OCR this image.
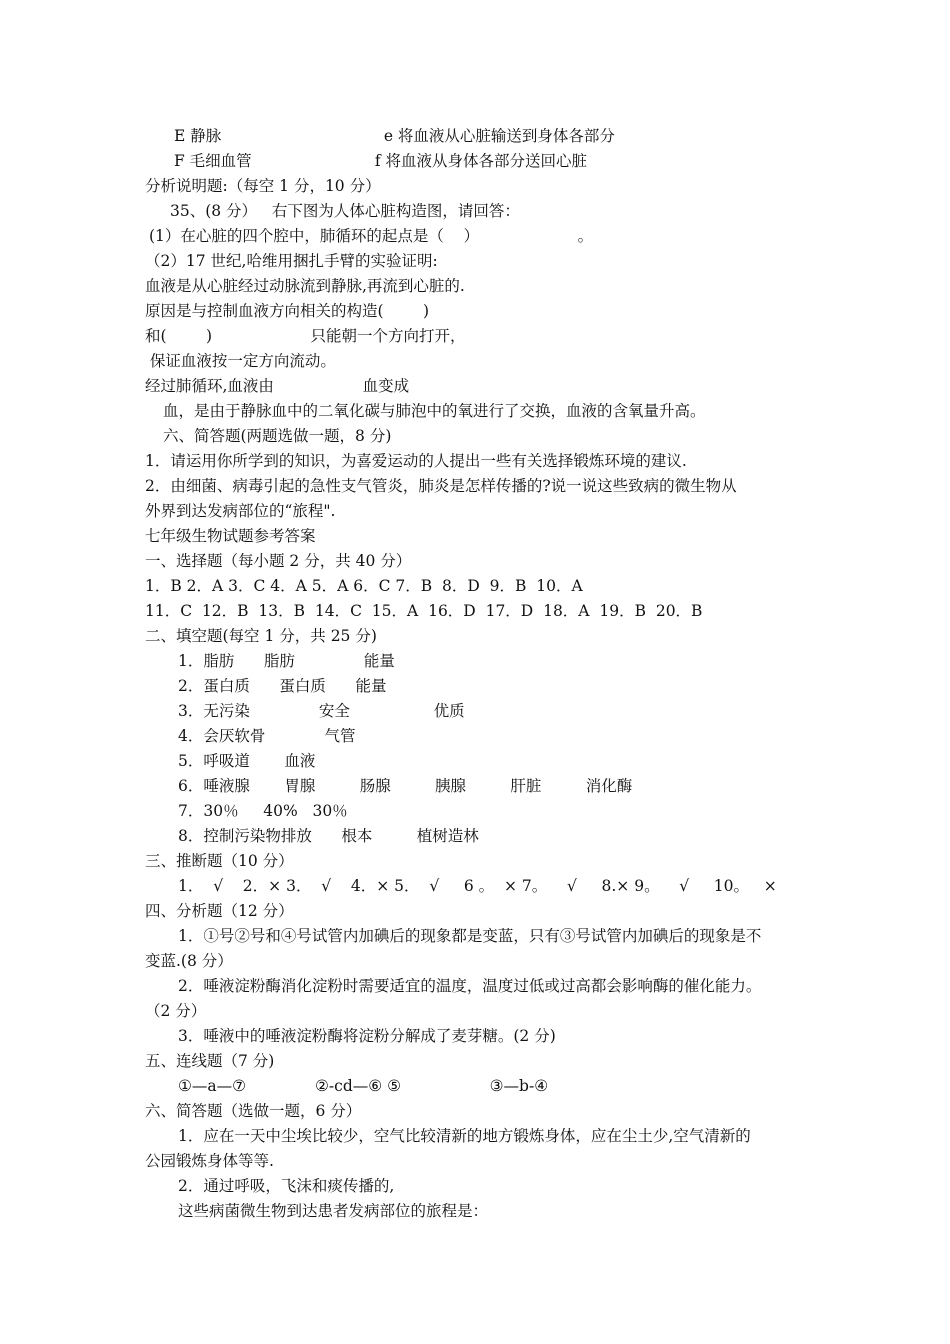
E 静脉                                 e 将血液从心脏输送到身体各部分
F 毛细血管                         f 将血液从身体各部分送回心脏
分析说明题:（每空 1 分，10 分）
35、(8 分）   右下图为人体心脏构造图，请回答：
(1）在心脏的四个腔中，肺循环的起点是（    ）                    。
（2）17 世纪,哈维用捆扎手臂的实验证明:
血液是从心脏经过动脉流到静脉,再流到心脏的.
原因是与控制血液方向相关的构造(        )
和(        )                    只能朝一个方向打开，
保证血液按一定方向流动。
经过肺循环,血液由                  血变成
血，是由于静脉血中的二氧化碳与肺泡中的氧进行了交换，血液的含氧量升高。
六、简答题(两题选做一题，8 分)
1．请运用你所学到的知识，为喜爱运动的人提出一些有关选择锻炼环境的建议.
2．由细菌、病毒引起的急性支气管炎，肺炎是怎样传播的?说一说这些致病的微生物从
外界到达发病部位的“旅程".
七年级生物试题参考答案
一、选择题（每小题 2 分，共 40 分）
1．B 2．A 3．C 4．A 5．A 6．C 7．B  8．D  9．B  10．A
11．C  12．B  13．B  14．C  15．A  16．D  17．D  18．A  19．B  20．B
二、填空题(每空 1 分，共 25 分)
1．脂肪      脂肪              能量
2．蛋白质      蛋白质      能量
3．无污染              安全                 优质
4．会厌软骨            气管
5．呼吸道       血液
6．唾液腺       胃腺         肠腺         胰腺         肝脏         消化酶
7．30％     40%   30％
8．控制污染物排放      根本         植树造林
三、推断题（10 分）
1．  √    2．× 3．  √    4．× 5．  √     6 。  × 7。    √     8.× 9。    √     10。   ×
四、分析题（12 分）
1．①号②号和④号试管内加碘后的现象都是变蓝，只有③号试管内加碘后的现象是不
变蓝.(8 分）
2．唾液淀粉酶消化淀粉时需要适宜的温度，温度过低或过高都会影响酶的催化能力。
（2 分）
3．唾液中的唾液淀粉酶将淀粉分解成了麦芽糖。(2 分)
五、连线题（7 分)
①—a—⑦              ②-cd—⑥ ⑤                  ③—b-④
六、简答题（选做一题，6 分）
1．应在一天中尘埃比较少，空气比较清新的地方锻炼身体，应在尘土少,空气清新的
公园锻炼身体等等.
2．通过呼吸，飞沫和痰传播的,
这些病菌微生物到达患者发病部位的旅程是：
